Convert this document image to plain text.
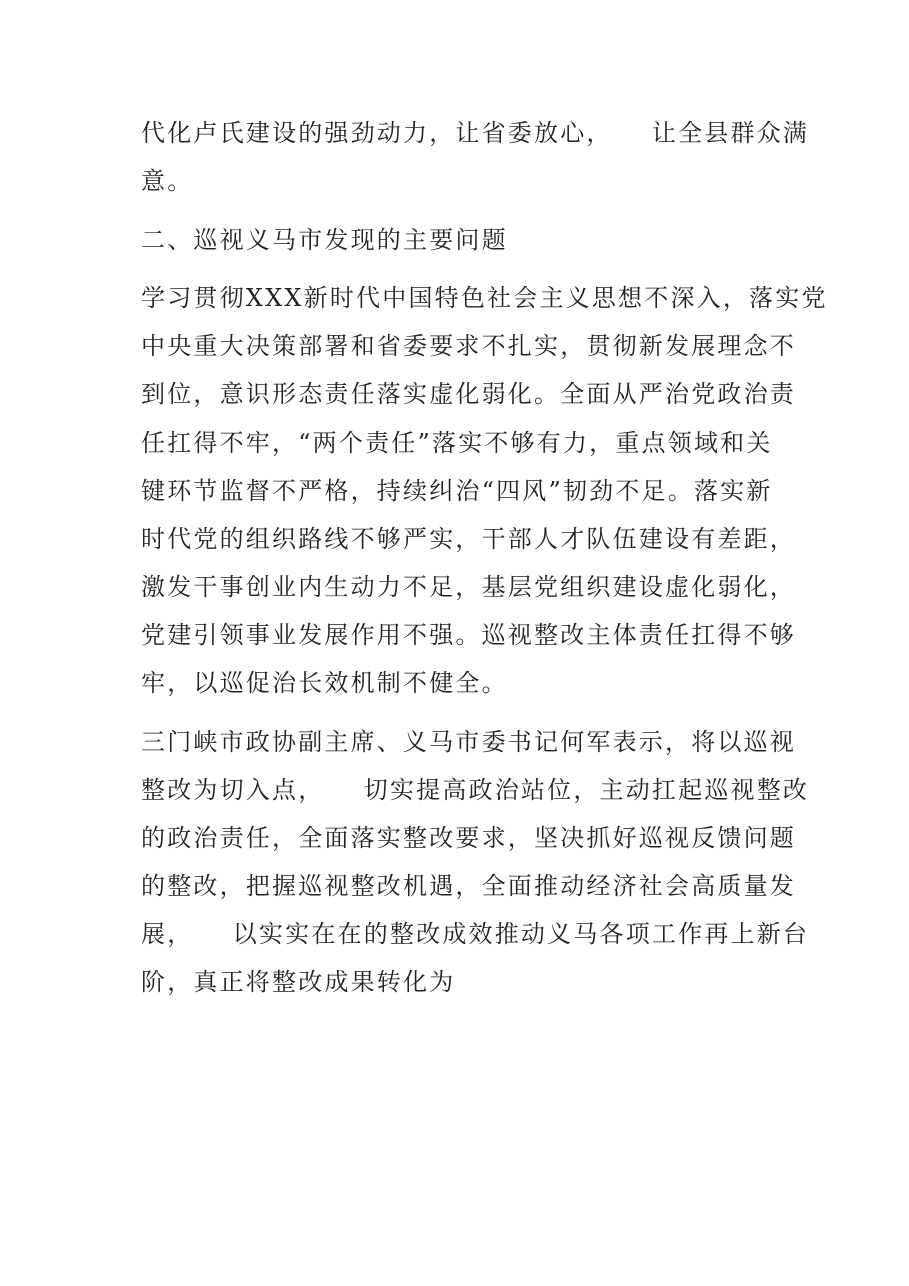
代化卢氏建设的强劲动力，让省委放心，    让全县群众满
意。
二、巡视义马市发现的主要问题
学习贯彻XXX新时代中国特色社会主义思想不深入，落实党
中央重大决策部署和省委要求不扎实，贯彻新发展理念不
到位，意识形态责任落实虚化弱化。全面从严治党政治责
任扛得不牢，“两个责任”落实不够有力，重点领域和关
键环节监督不严格，持续纠治“四风”韧劲不足。落实新
时代党的组织路线不够严实，干部人才队伍建设有差距，
激发干事创业内生动力不足，基层党组织建设虚化弱化，
党建引领事业发展作用不强。巡视整改主体责任扛得不够
牢，以巡促治长效机制不健全。
三门峡市政协副主席、义马市委书记何军表示，将以巡视
整改为切入点，    切实提高政治站位，主动扛起巡视整改
的政治责任，全面落实整改要求，坚决抓好巡视反馈问题
的整改，把握巡视整改机遇，全面推动经济社会高质量发
展，    以实实在在的整改成效推动义马各项工作再上新台
阶，真正将整改成果转化为
